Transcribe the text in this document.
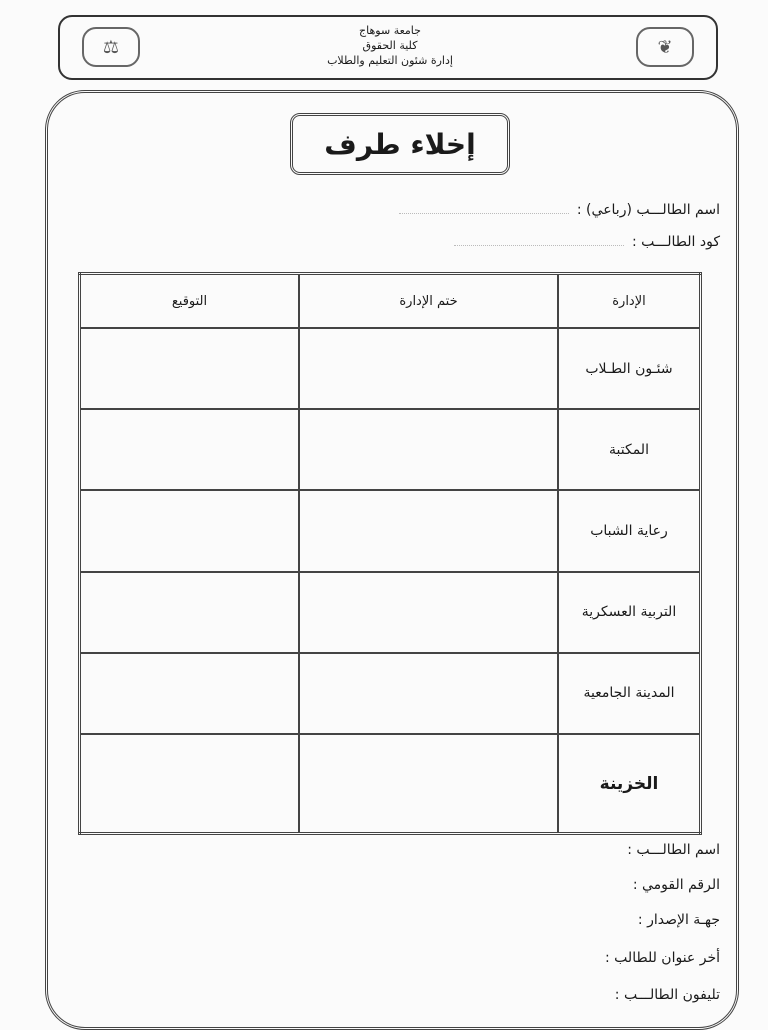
⚖
جامعة سوهاج
كلية الحقوق
إدارة شئون التعليم والطلاب
❦
إخلاء طرف
اسم الطالـــب (رباعي) :
كود الطالـــب :
الإدارة	ختم الإدارة	التوقيع
شئـون الطـلاب		
المكتبة		
رعاية الشباب		
التربية العسكرية		
المدينة الجامعية		
الخزينة		
اسم الطالـــب :
الرقم القومي :
جهـة الإصدار :
أخر عنوان للطالب :
تليفون الطالـــب :
